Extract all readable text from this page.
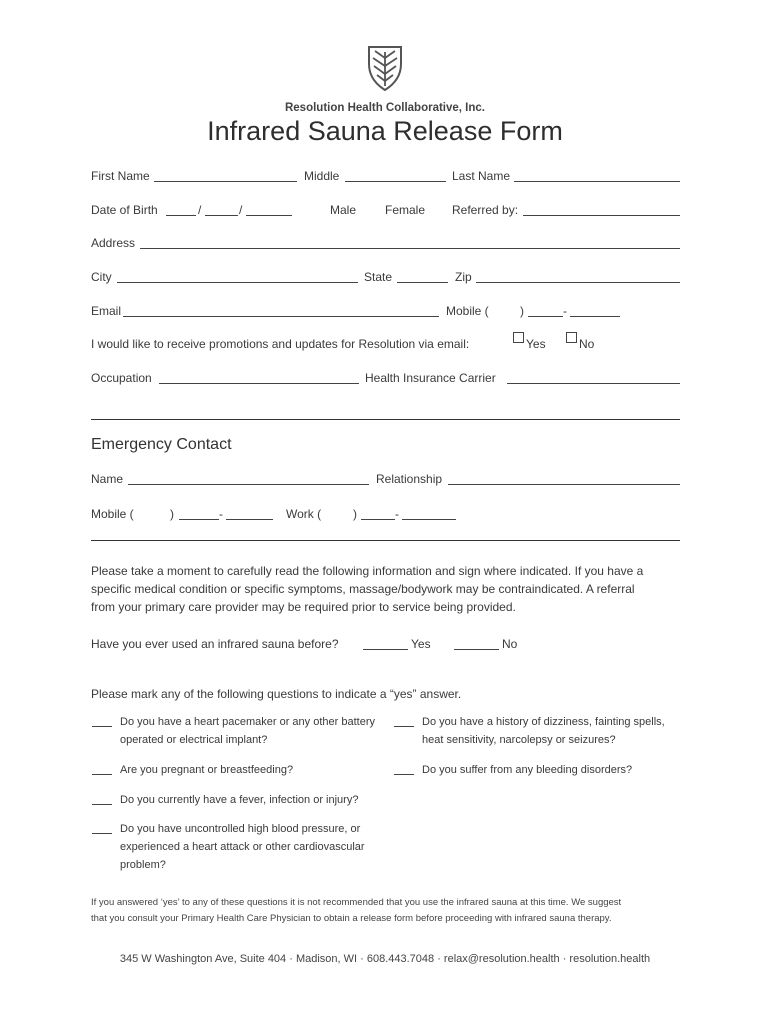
Resolution Health Collaborative, Inc.
Infrared Sauna Release Form
First Name	Middle	Last Name
Date of Birth	/	/	Male Female Referred by:
Address
City	State	Zip
Email	Mobile (	)	-
I would like to receive promotions and updates for Resolution via email:	Yes	No
Occupation	Health Insurance Carrier
Emergency Contact
Name	Relationship
Mobile (	)	-	Work (	)	-
Please take a moment to carefully read the following information and sign where indicated. If you have a
specific medical condition or specific symptoms, massage/bodywork may be contraindicated. A referral
from your primary care provider may be required prior to service being provided.
Have you ever used an infrared sauna before?	Yes	No
Please mark any of the following questions to indicate a “yes” answer.
Do you have a heart pacemaker or any other battery
operated or electrical implant?
Do you have a history of dizziness, fainting spells,
heat sensitivity, narcolepsy or seizures?
Are you pregnant or breastfeeding?	Do you suffer from any bleeding disorders?
Do you currently have a fever, infection or injury?
Do you have uncontrolled high blood pressure, or
experienced a heart attack or other cardiovascular
problem?
If you answered ‘yes’ to any of these questions it is not recommended that you use the infrared sauna at this time. We suggest
that you consult your Primary Health Care Physician to obtain a release form before proceeding with infrared sauna therapy.
345 W Washington Ave, Suite 404 · Madison, WI · 608.443.7048 · relax@resolution.health · resolution.health
